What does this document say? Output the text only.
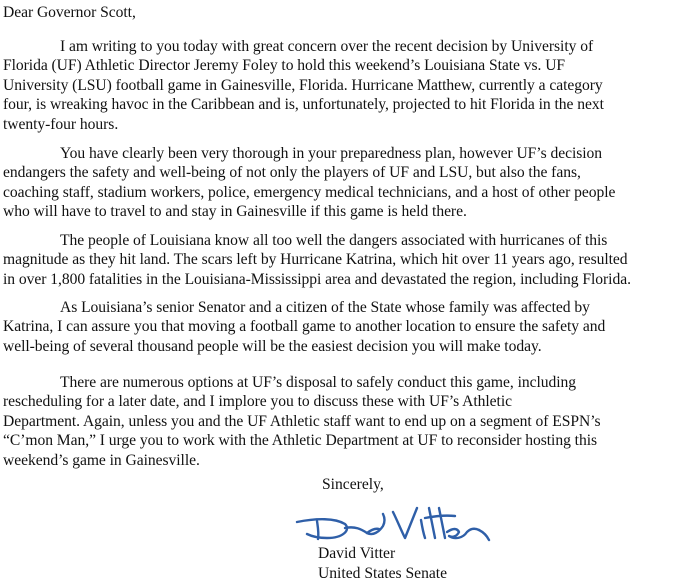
Dear Governor Scott,
I am writing to you today with great concern over the recent decision by University of
Florida (UF) Athletic Director Jeremy Foley to hold this weekend’s Louisiana State vs. UF
University (LSU) football game in Gainesville, Florida. Hurricane Matthew, currently a category
four, is wreaking havoc in the Caribbean and is, unfortunately, projected to hit Florida in the next
twenty-four hours.
You have clearly been very thorough in your preparedness plan, however UF’s decision
endangers the safety and well-being of not only the players of UF and LSU, but also the fans,
coaching staff, stadium workers, police, emergency medical technicians, and a host of other people
who will have to travel to and stay in Gainesville if this game is held there.
The people of Louisiana know all too well the dangers associated with hurricanes of this
magnitude as they hit land. The scars left by Hurricane Katrina, which hit over 11 years ago, resulted
in over 1,800 fatalities in the Louisiana-Mississippi area and devastated the region, including Florida.
As Louisiana’s senior Senator and a citizen of the State whose family was affected by
Katrina, I can assure you that moving a football game to another location to ensure the safety and
well-being of several thousand people will be the easiest decision you will make today.
There are numerous options at UF’s disposal to safely conduct this game, including
rescheduling for a later date, and I implore you to discuss these with UF’s Athletic
Department. Again, unless you and the UF Athletic staff want to end up on a segment of ESPN’s
“C’mon Man,” I urge you to work with the Athletic Department at UF to reconsider hosting this
weekend’s game in Gainesville.
Sincerely,
David Vitter
United States Senate
